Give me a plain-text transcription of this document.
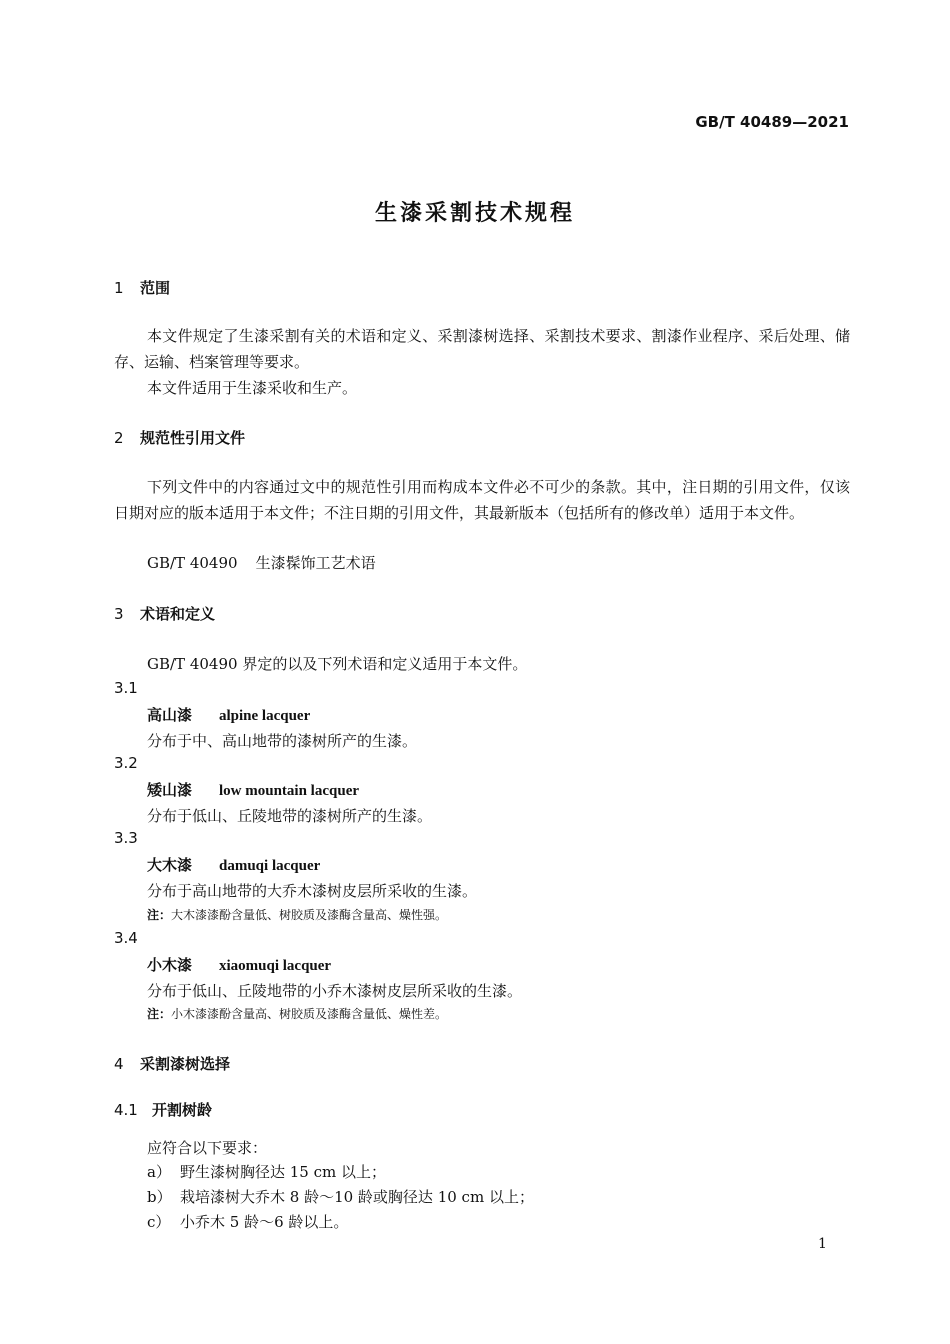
GB/T 40489—2021
生漆采割技术规程
1 范围
本文件规定了生漆采割有关的术语和定义、采割漆树选择、采割技术要求、割漆作业程序、采后处理、储存、运输、档案管理等要求。
本文件适用于生漆采收和生产。
2 规范性引用文件
下列文件中的内容通过文中的规范性引用而构成本文件必不可少的条款。其中，注日期的引用文件，仅该日期对应的版本适用于本文件；不注日期的引用文件，其最新版本（包括所有的修改单）适用于本文件。
GB/T 40490 生漆髹饰工艺术语
3 术语和定义
GB/T 40490 界定的以及下列术语和定义适用于本文件。
3.1
高山漆 alpine lacquer
分布于中、高山地带的漆树所产的生漆。
3.2
矮山漆 low mountain lacquer
分布于低山、丘陵地带的漆树所产的生漆。
3.3
大木漆 damuqi lacquer
分布于高山地带的大乔木漆树皮层所采收的生漆。
注：大木漆漆酚含量低、树胶质及漆酶含量高、燥性强。
3.4
小木漆 xiaomuqi lacquer
分布于低山、丘陵地带的小乔木漆树皮层所采收的生漆。
注：小木漆漆酚含量高、树胶质及漆酶含量低、燥性差。
4 采割漆树选择
4.1 开割树龄
应符合以下要求：
a） 野生漆树胸径达 15 cm 以上；
b） 栽培漆树大乔木 8 龄～10 龄或胸径达 10 cm 以上；
c） 小乔木 5 龄～6 龄以上。
1
